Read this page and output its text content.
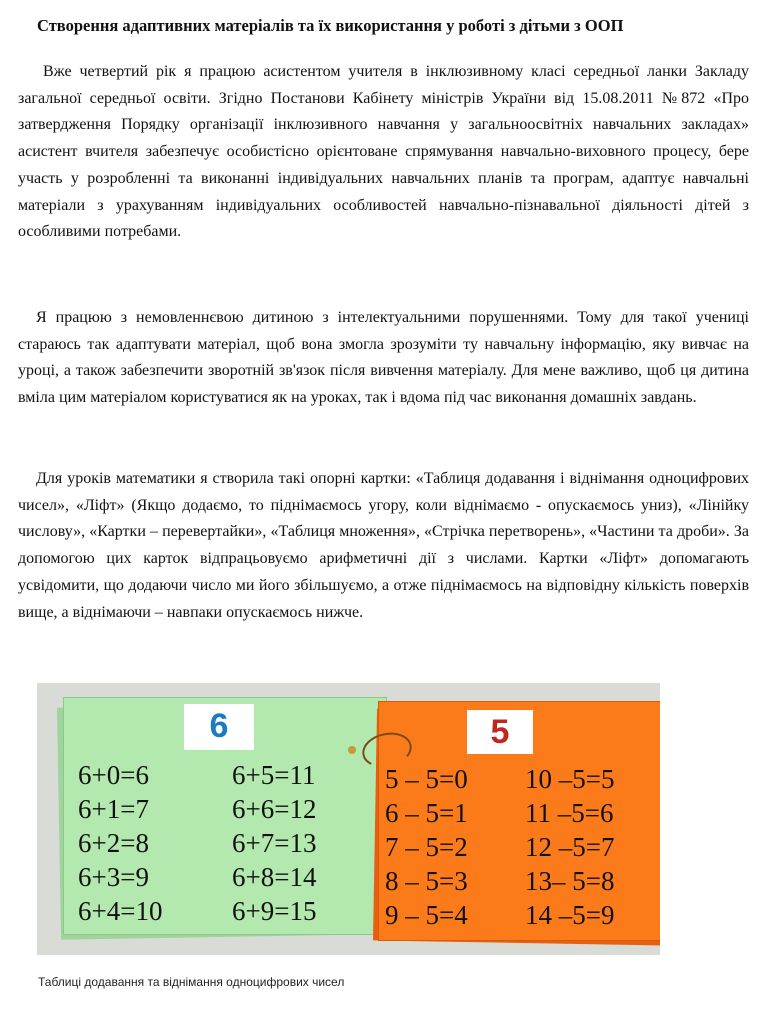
Створення адаптивних матеріалів та їх використання у роботі з дітьми з ООП

Вже четвертий рік я працюю асистентом учителя в інклюзивному класі середньої ланки Закладу загальної середньої освіти. Згідно Постанови Кабінету міністрів України від 15.08.2011 №872 «Про затвердження Порядку організації інклюзивного навчання у загальноосвітніх навчальних закладах» асистент вчителя забезпечує особистісно орієнтоване спрямування навчально-виховного процесу, бере участь у розробленні та виконанні індивідуальних навчальних планів та програм, адаптує навчальні матеріали з урахуванням індивідуальних особливостей навчально-пізнавальної діяльності дітей з особливими потребами.

Я працюю з немовленнєвою дитиною з інтелектуальними порушеннями. Тому для такої учениці стараюсь так адаптувати матеріал, щоб вона змогла зрозуміти ту навчальну інформацію, яку вивчає на уроці, а також забезпечити зворотній зв'язок після вивчення матеріалу. Для мене важливо, щоб ця дитина вміла цим матеріалом користуватися як на уроках, так і вдома під час виконання домашніх завдань.

Для уроків математики я створила такі опорні картки: «Таблиця додавання і віднімання одноцифрових чисел», «Ліфт» (Якщо додаємо, то піднімаємось угору, коли віднімаємо - опускаємось униз), «Лінійку числову», «Картки – перевертайки», «Таблиця множення», «Стрічка перетворень», «Частини та дроби». За допомогою цих карток відпрацьовуємо арифметичні дії з числами. Картки «Ліфт» допомагають усвідомити, що додаючи число ми його збільшуємо, а отже піднімаємось на відповідну кількість поверхів вище, а віднімаючи – навпаки опускаємось нижче.

6
6+0=6
6+1=7
6+2=8
6+3=9
6+4=10
6+5=11
6+6=12
6+7=13
6+8=14
6+9=15
5
5 – 5=0
6 – 5=1
7 – 5=2
8 – 5=3
9 – 5=4
10 –5=5
11 –5=6
12 –5=7
13– 5=8
14 –5=9
Таблиці додавання та віднімання одноцифрових чисел
